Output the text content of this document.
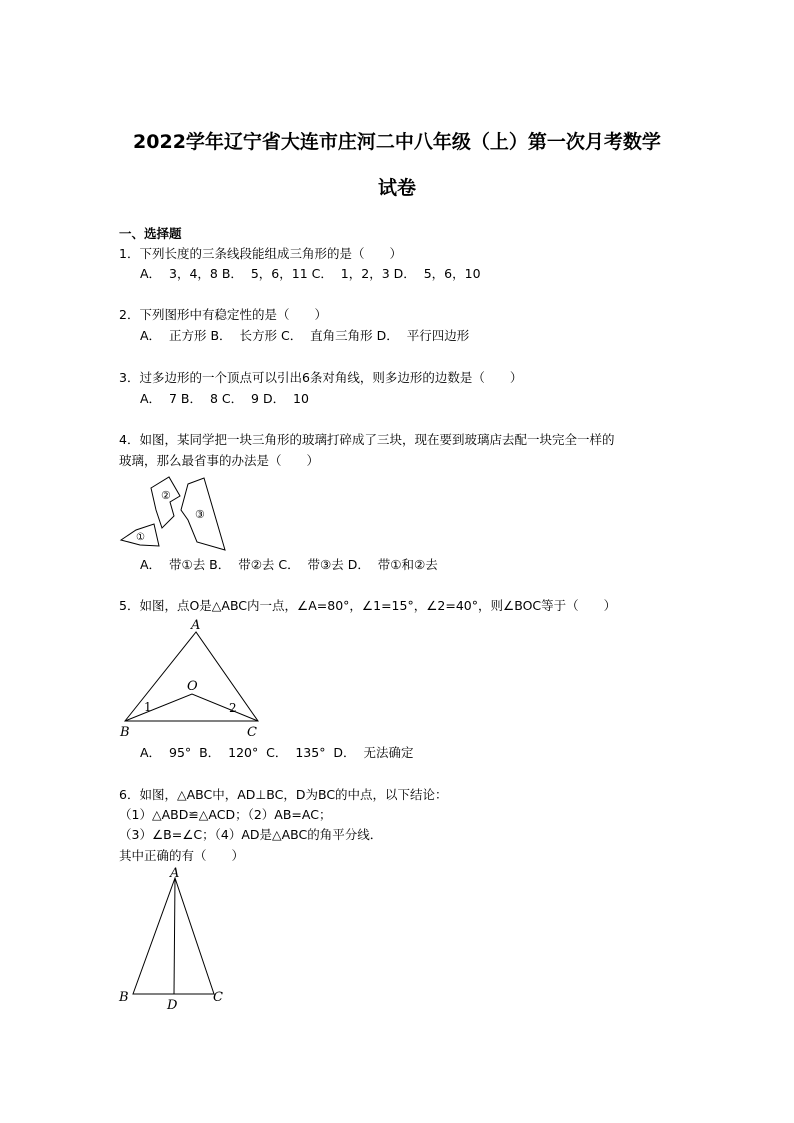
2022学年辽宁省大连市庄河二中八年级（上）第一次月考数学
试卷
一、选择题
1．下列长度的三条线段能组成三角形的是（　　）
A．  3，4，8 B．  5，6，11 C．  1，2，3 D．  5，6，10
2．下列图形中有稳定性的是（　　）
A．  正方形 B．  长方形 C．  直角三角形 D．  平行四边形
3．过多边形的一个顶点可以引出6条对角线，则多边形的边数是（　　）
A．  7 B．  8 C．  9 D．  10
4．如图，某同学把一块三角形的玻璃打碎成了三块，现在要到玻璃店去配一块完全一样的
玻璃，那么最省事的办法是（　　）
①
②
③
A．  带①去 B．  带②去 C．  带③去 D．  带①和②去
5．如图，点O是△ABC内一点，∠A=80°，∠1=15°，∠2=40°，则∠BOC等于（　　）
A
B	C
O
1	2
A．  95°  B．  120°  C．  135°  D．  无法确定
6．如图，△ABC中，AD⊥BC，D为BC的中点，以下结论：
（1）△ABD≌△ACD；（2）AB=AC；
（3）∠B=∠C；（4）AD是△ABC的角平分线．
其中正确的有（　　）
A
B	C
D
